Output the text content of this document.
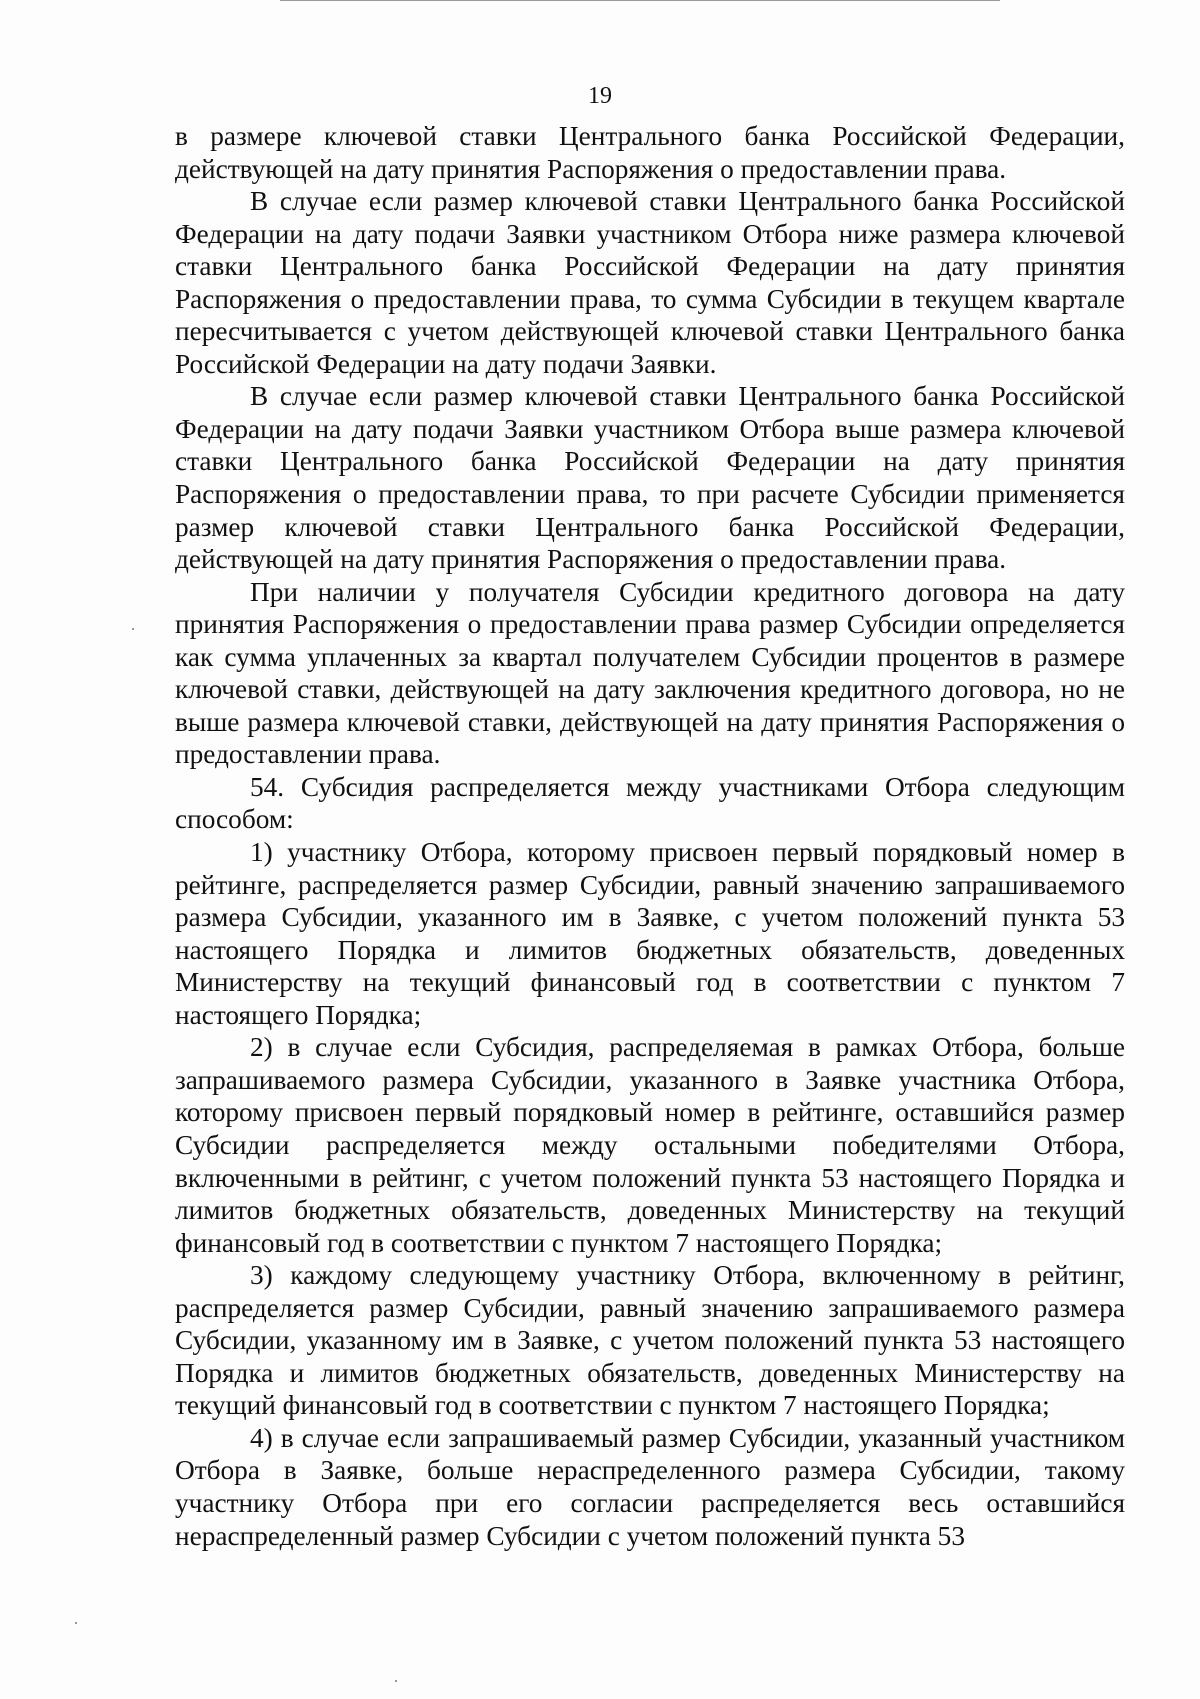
19

в размере ключевой ставки Центрального банка Российской Федерации, действующей на дату принятия Распоряжения о предоставлении права.

В случае если размер ключевой ставки Центрального банка Российской Федерации на дату подачи Заявки участником Отбора ниже размера ключевой ставки Центрального банка Российской Федерации на дату принятия Распоряжения о предоставлении права, то сумма Субсидии в текущем квартале пересчитывается с учетом действующей ключевой ставки Центрального банка Российской Федерации на дату подачи Заявки.

В случае если размер ключевой ставки Центрального банка Российской Федерации на дату подачи Заявки участником Отбора выше размера ключевой ставки Центрального банка Российской Федерации на дату принятия Распоряжения о предоставлении права, то при расчете Субсидии применяется размер ключевой ставки Центрального банка Российской Федерации, действующей на дату принятия Распоряжения о предоставлении права.

При наличии у получателя Субсидии кредитного договора на дату принятия Распоряжения о предоставлении права размер Субсидии определяется как сумма уплаченных за квартал получателем Субсидии процентов в размере ключевой ставки, действующей на дату заключения кредитного договора, но не выше размера ключевой ставки, действующей на дату принятия Распоряжения о предоставлении права.

54. Субсидия распределяется между участниками Отбора следующим способом:

1) участнику Отбора, которому присвоен первый порядковый номер в рейтинге, распределяется размер Субсидии, равный значению запрашиваемого размера Субсидии, указанного им в Заявке, с учетом положений пункта 53 настоящего Порядка и лимитов бюджетных обязательств, доведенных Министерству на текущий финансовый год в соответствии с пунктом 7 настоящего Порядка;

2) в случае если Субсидия, распределяемая в рамках Отбора, больше запрашиваемого размера Субсидии, указанного в Заявке участника Отбора, которому присвоен первый порядковый номер в рейтинге, оставшийся размер Субсидии распределяется между остальными победителями Отбора, включенными в рейтинг, с учетом положений пункта 53 настоящего Порядка и лимитов бюджетных обязательств, доведенных Министерству на текущий финансовый год в соответствии с пунктом 7 настоящего Порядка;

3) каждому следующему участнику Отбора, включенному в рейтинг, распределяется размер Субсидии, равный значению запрашиваемого размера Субсидии, указанному им в Заявке, с учетом положений пункта 53 настоящего Порядка и лимитов бюджетных обязательств, доведенных Министерству на текущий финансовый год в соответствии с пунктом 7 настоящего Порядка;

4) в случае если запрашиваемый размер Субсидии, указанный участником Отбора в Заявке, больше нераспределенного размера Субсидии, такому участнику Отбора при его согласии распределяется весь оставшийся нераспределенный размер Субсидии с учетом положений пункта 53
